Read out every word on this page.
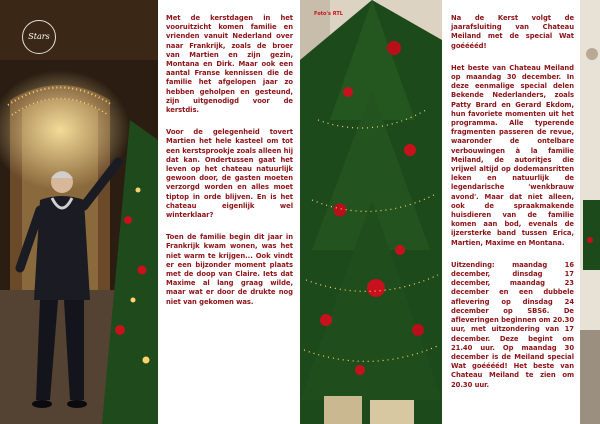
Stars

Met de kerstdagen in het vooruitzicht komen familie en vrienden vanuit Nederland over naar Frankrijk, zoals de broer van Martien en zijn gezin, Montana en Dirk. Maar ook een aantal Franse kennissen die de familie het afgelopen jaar zo hebben geholpen en gesteund, zijn uitgenodigd voor de kerstdis.

Voor de gelegenheid tovert Martien het hele kasteel om tot een kerstsprookje zoals alleen hij dat kan. Ondertussen gaat het leven op het chateau natuurlijk gewoon door, de gasten moeten verzorgd worden en alles moet tiptop in orde blijven. En is het chateau eigenlijk wel winterklaar?

Toen de familie begin dit jaar in Frankrijk kwam wonen, was het niet warm te krijgen... Ook vindt er een bijzonder moment plaats met de doop van Claire. Iets dat Maxime al lang graag wilde, maar wat er door de drukte nog niet van gekomen was.

Foto's RTL	Na de Kerst volgt de jaarafsluiting van Chateau Meiland met de special Wat goééééd!

Het beste van Chateau Meiland op maandag 30 december. In deze eenmalige special delen Bekende Nederlanders, zoals Patty Brard en Gerard Ekdom, hun favoriete momenten uit het programma. Alle typerende fragmenten passeren de revue, waaronder de ontelbare verbouwingen à la familie Meiland, de autoritjes die vrijwel altijd op dodemansritten leken en natuurlijk de legendarische 'wenkbrauw avond'. Maar dat niet alleen, ook de spraakmakende huisdieren van de familie komen aan bod, evenals de ijzersterke band tussen Erica, Martien, Maxime en Montana.

Uitzending: maandag 16 december, dinsdag 17 december, maandag 23 december en een dubbele aflevering op dinsdag 24 december op SBS6. De afleveringen beginnen om 20.30 uur, met uitzondering van 17 december. Deze begint om 21.40 uur. Op maandag 30 december is de Meiland special Wat goééééd! Het beste van Chateau Meiland te zien om 20.30 uur.
